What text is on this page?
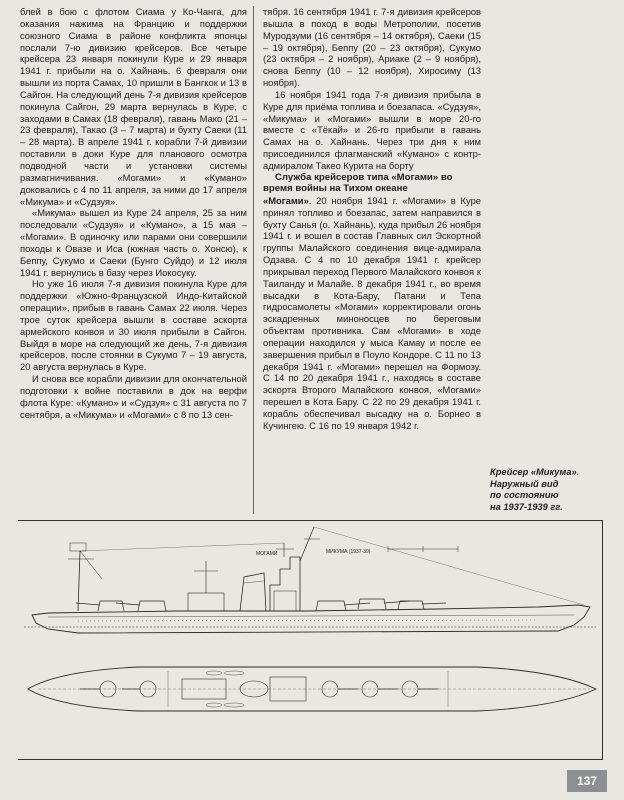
блей в бою с флотом Сиама у Ко-Чанга, для оказания нажима на Францию и поддержки союзного Сиама в районе конфликта японцы послали 7-ю дивизию крейсеров. Все четыре крейсера 23 января покинули Куре и 29 января 1941 г. прибыли на о. Хайнань. 6 февраля они вышли из порта Самах, 10 пришли в Бангкок и 13 в Сайгон. На следующий день 7-я дивизия крейсеров покинула Сайгон, 29 марта вернулась в Куре, с заходами в Самах (18 февраля), гавань Мако (21 – 23 февраля), Такао (3 – 7 марта) и бухту Саеки (11 – 28 марта). В апреле 1941 г. корабли 7-й дивизии поставили в доки Куре для планового осмотра подводной части и установки системы размагничивания. «Могами» и «Кумано» доковались с 4 по 11 апреля, за ними до 17 апреля «Микума» и «Судзуя».

«Микума» вышел из Куре 24 апреля, 25 за ним последовали «Судзуя» и «Кумано», а 15 мая – «Могами». В одиночку или парами они совершили походы к Овазе и Иса (южная часть о. Хонсю), к Беппу, Сукумо и Саеки (Бунго Суйдо) и 12 июля 1941 г. вернулись в базу через Иокосуку.

Но уже 16 июля 7-я дивизия покинула Куре для поддержки «Южно-Французской Индо-Китайской операции», прибыв в гавань Самах 22 июля. Через трое суток крейсера вышли в составе эскорта армейского конвоя и 30 июля прибыли в Сайгон. Выйдя в море на следующий же день, 7-я дивизия крейсеров, после стоянки в Сукумо 7 – 19 августа, 20 августа вернулась в Куре.

И снова все корабли дивизии для окончательной подготовки к войне поставили в док на верфи флота Куре: «Кумано» и «Судзуя» с 31 августа по 7 сентября, а «Микума» и «Могами» с 8 по 13 сен-

тября. 16 сентября 1941 г. 7-я дивизия крейсеров вышла в поход в воды Метрополии, посетив Муродзуми (16 сентября – 14 октября), Саеки (15 – 19 октября), Беппу (20 – 23 октября), Сукумо (23 октября – 2 ноября), Ариаке (2 – 9 ноября), снова Беппу (10 – 12 ноября), Хиросиму (13 ноября).

16 ноября 1941 года 7-я дивизия прибыла в Куре для приёма топлива и боезапаса. «Судзуя», «Микума» и «Могами» вышли в море 20-го вместе с «Тёкай» и 26-го прибыли в гавань Самах на о. Хайнань. Через три дня к ним присоединился флагманский «Кумано» с контр-адмиралом Такео Курита на борту

Служба крейсеров типа «Могами» во время войны на Тихом океане

«Могами». 20 ноября 1941 г. «Могами» в Куре принял топливо и боезапас, затем направился в бухту Санья (о. Хайнань), куда прибыл 26 ноября 1941 г. и вошел в состав Главных сил Эскортной группы Малайского соединения вице-адмирала Одзава. С 4 по 10 декабря 1941 г. крейсер прикрывал переход Первого Малайского конвоя к Таиланду и Малайе. 8 декабря 1941 г., во время высадки в Кота-Бару, Патани и Тепа гидросамолеты «Могами» корректировали огонь эскадренных миноносцев по береговым объектам противника. Сам «Могами» в ходе операции находился у мыса Камау и после ее завершения прибыл в Поуло Кондоре. С 11 по 13 декабря 1941 г. «Могами» перешел на Формозу. С 14 по 20 декабря 1941 г., находясь в составе эскорта Второго Малайского конвоя, «Могами» перешел в Кота Бару. С 22 по 29 декабря 1941 г. корабль обеспечивал высадку на о. Борнео в Кучингею. С 16 по 19 января 1942 г.

Крейсер «Микума».
Наружный вид
по состоянию
на 1937-1939 гг.
МОГАМИ	МИКУМА (1937-39)
137
